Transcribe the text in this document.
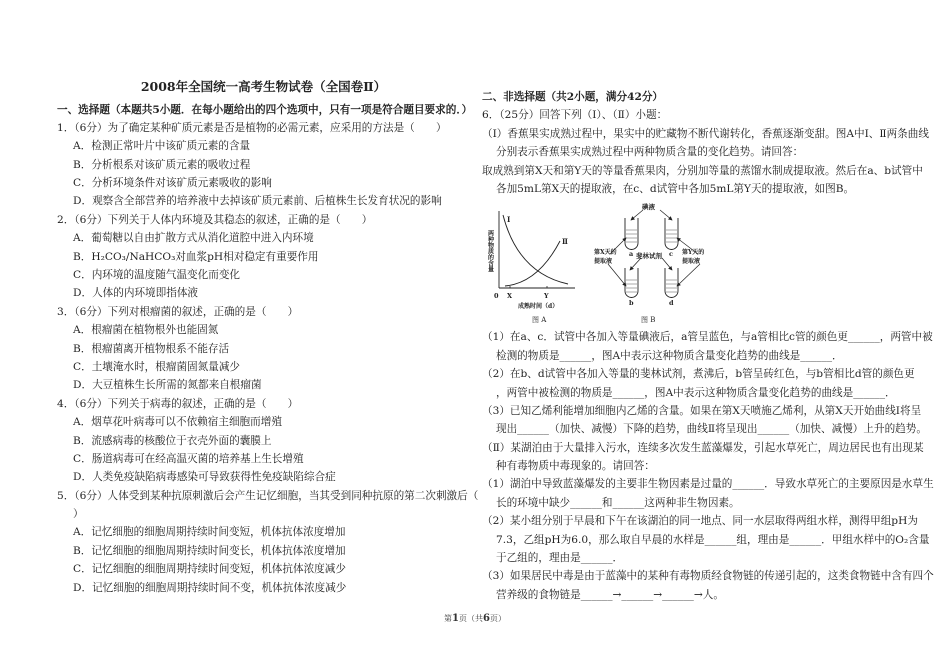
2008年全国统一高考生物试卷（全国卷Ⅱ）
一、选择题（本题共5小题．在每小题给出的四个选项中，只有一项是符合题目要求的．）
1．（6分）为了确定某种矿质元素是否是植物的必需元素，应采用的方法是（　　）
A．检测正常叶片中该矿质元素的含量
B．分析根系对该矿质元素的吸收过程
C．分析环境条件对该矿质元素吸收的影响
D．观察含全部营养的培养液中去掉该矿质元素前、后植株生长发育状况的影响
2．（6分）下列关于人体内环境及其稳态的叙述，正确的是（　　）
A．葡萄糖以自由扩散方式从消化道腔中进入内环境
B．H₂CO₃/NaHCO₃对血浆pH相对稳定有重要作用
C．内环境的温度随气温变化而变化
D．人体的内环境即指体液
3．（6分）下列对根瘤菌的叙述，正确的是（　　）
A．根瘤菌在植物根外也能固氮
B．根瘤菌离开植物根系不能存活
C．土壤淹水时，根瘤菌固氮量减少
D．大豆植株生长所需的氮都来自根瘤菌
4．（6分）下列关于病毒的叙述，正确的是（　　）
A．烟草花叶病毒可以不依赖宿主细胞而增殖
B．流感病毒的核酸位于衣壳外面的囊膜上
C．肠道病毒可在经高温灭菌的培养基上生长增殖
D．人类免疫缺陷病毒感染可导致获得性免疫缺陷综合症
5．（6分）人体受到某种抗原刺激后会产生记忆细胞，当其受到同种抗原的第二次刺激后（
）
A．记忆细胞的细胞周期持续时间变短，机体抗体浓度增加
B．记忆细胞的细胞周期持续时间变长，机体抗体浓度增加
C．记忆细胞的细胞周期持续时间变短，机体抗体浓度减少
D．记忆细胞的细胞周期持续时间不变，机体抗体浓度减少
二、非选择题（共2小题，满分42分）
6．（25分）回答下列（I）、（Ⅱ）小题：
（I）香蕉果实成熟过程中，果实中的贮藏物不断代谢转化，香蕉逐渐变甜。图A中I、Ⅱ两条曲线
分别表示香蕉果实成熟过程中两种物质含量的变化趋势。请回答：
取成熟到第X天和第Y天的等量香蕉果肉，分别加等量的蒸馏水制成提取液。然后在a、b试管中
各加5mL第X天的提取液，在c、d试管中各加5mL第Y天的提取液，如图B。
I
Ⅱ
0 X	Y
成熟时间（d）
两种物质的含量
图 A
碘液
斐林试剂
第X天的
提取液
第Y天的
提取液
a	c
b	d
图 B
（1）在a、c．试管中各加入等量碘液后，a管呈蓝色，与a管相比c管的颜色更______，两管中被
检测的物质是______，图A中表示这种物质含量变化趋势的曲线是______．
（2）在b、d试管中各加入等量的斐林试剂，煮沸后，b管呈砖红色，与b管相比d管的颜色更
，两管中被检测的物质是______，图A中表示这种物质含量变化趋势的曲线是______．
（3）已知乙烯利能增加细胞内乙烯的含量。如果在第X天喷施乙烯利，从第X天开始曲线Ⅰ将呈
现出______（加快、减慢）下降的趋势，曲线Ⅱ将呈现出______（加快、减慢）上升的趋势。
（Ⅱ）某湖泊由于大量排入污水，连续多次发生蓝藻爆发，引起水草死亡，周边居民也有出现某
种有毒物质中毒现象的。请回答：
（1）湖泊中导致蓝藻爆发的主要非生物因素是过量的______．导致水草死亡的主要原因是水草生
长的环境中缺少______和______这两种非生物因素。
（2）某小组分别于早晨和下午在该湖泊的同一地点、同一水层取得两组水样，测得甲组pH为
7.3，乙组pH为6.0，那么取自早晨的水样是______组，理由是______．甲组水样中的O₂含量
于乙组的，理由是______．
（3）如果居民中毒是由于蓝藻中的某种有毒物质经食物链的传递引起的，这类食物链中含有四个
营养级的食物链是______→______→______→人。
第1页（共6页）
